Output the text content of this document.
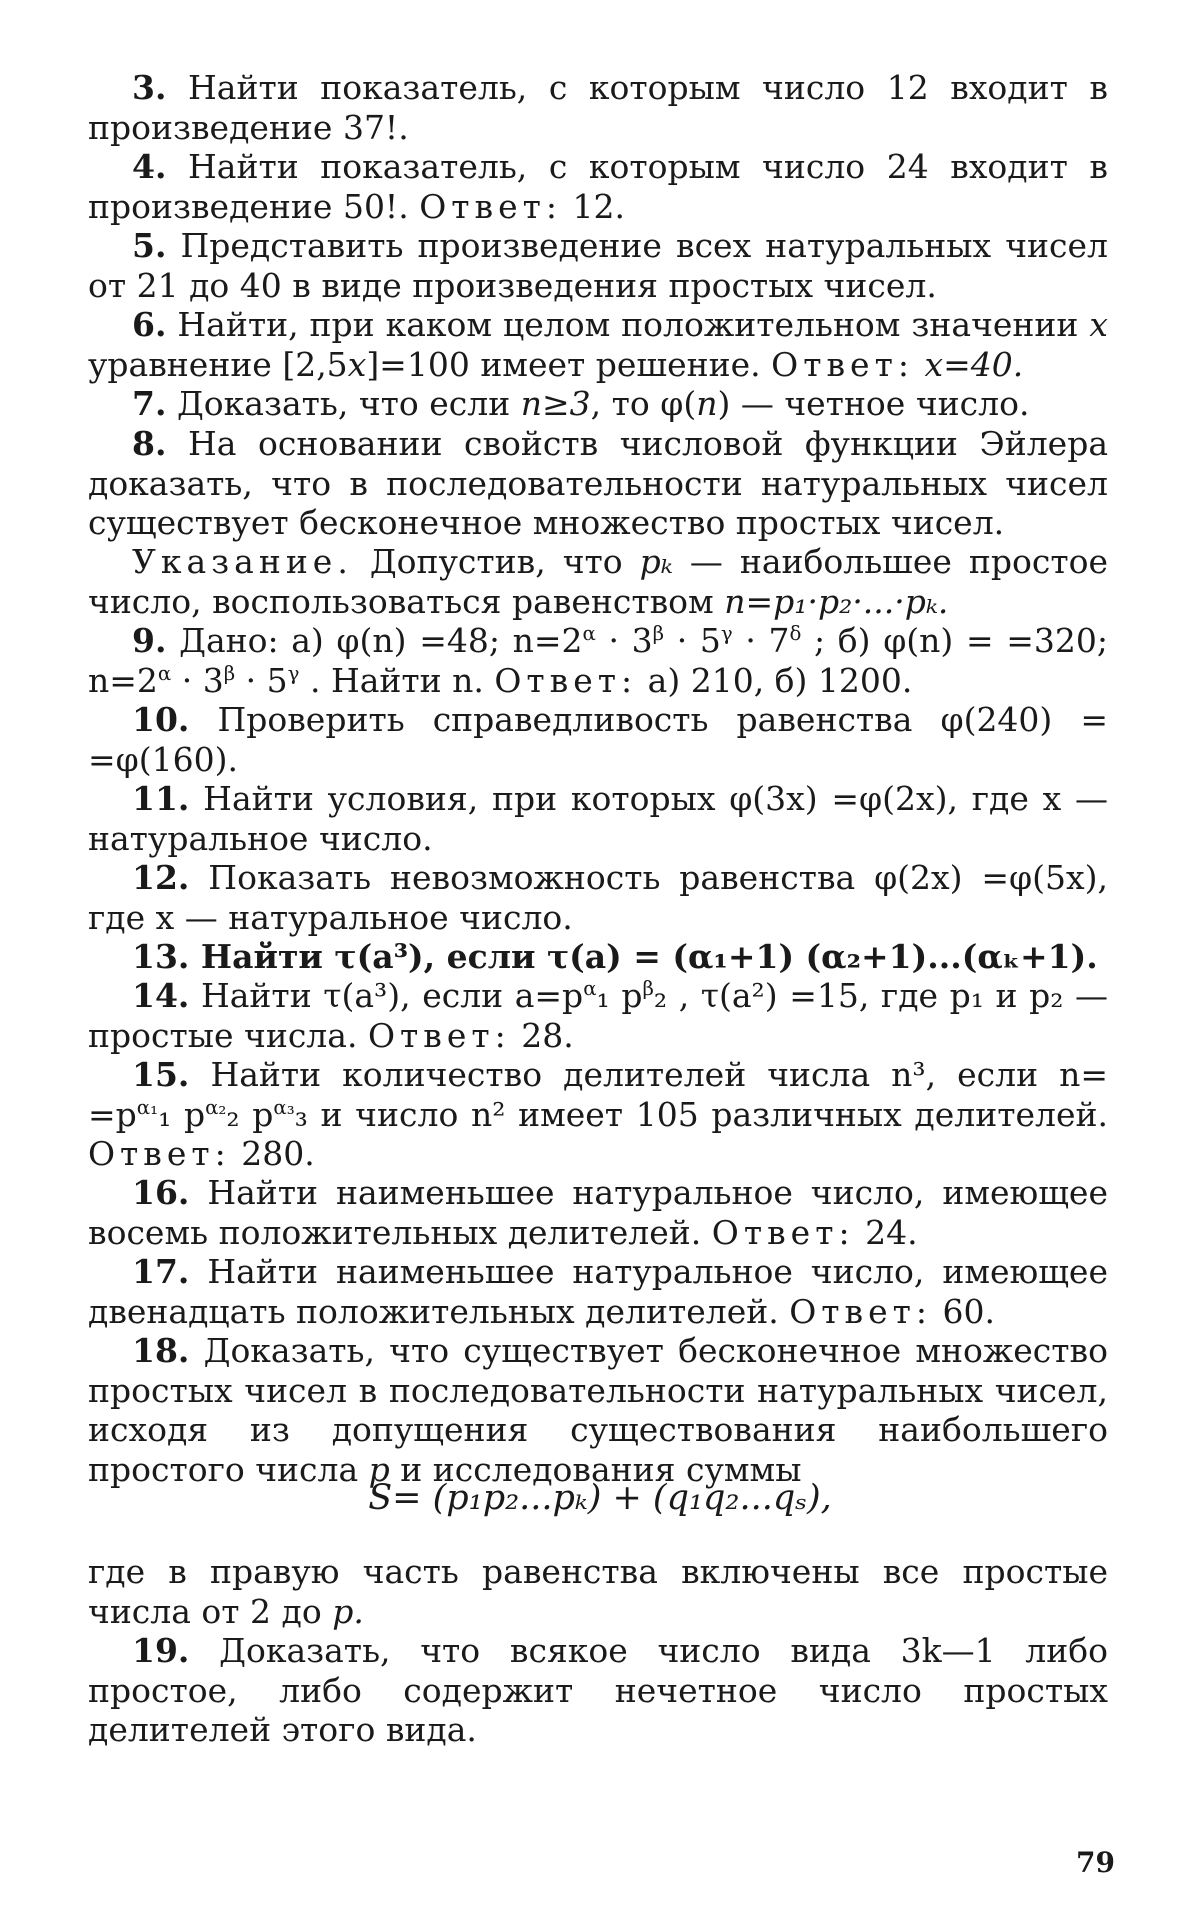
3. Найти показатель, с которым число 12 входит в произведение 37!.

4. Найти показатель, с которым число 24 входит в произведение 50!. Ответ: 12.

5. Представить произведение всех натуральных чисел от 21 до 40 в виде произведения простых чисел.

6. Найти, при каком целом положительном значении x уравнение [2,5x]=100 имеет решение. Ответ: x=40.

7. Доказать, что если n≥3, то φ(n) — четное число.

8. На основании свойств числовой функции Эйлера доказать, что в последовательности натуральных чисел существует бесконечное множество простых чисел.

Указание. Допустив, что pₖ — наибольшее простое число, воспользоваться равенством n=p₁·p₂·...·pₖ.

9. Дано: а) φ(n) =48; $n=2^\alpha \cdot 3^\beta \cdot 5^\gamma \cdot 7^\delta$ ; б) φ(n) = =320; $n=2^\alpha \cdot 3^\beta \cdot 5^\gamma$ . Найти n. Ответ: а) 210, б) 1200.

10. Проверить справедливость равенства φ(240) = =φ(160).

11. Найти условия, при которых φ(3x) =φ(2x), где x — натуральное число.

12. Показать невозможность равенства φ(2x) =φ(5x), где x — натуральное число.

13. Найти τ(a³), если τ(a) = (α₁+1) (α₂+1)...(αₖ+1).

14. Найти τ(a³), если $a=p^\alpha_1$ $p^\beta_2$ , τ(a²) =15, где p₁ и p₂ — простые числа. Ответ: 28.

15. Найти количество делителей числа n³, если $n= =p^{\alpha_1}_1$ $p^{\alpha_2}_2$ $p^{\alpha_3}_3$ и число n² имеет 105 различных делителей. Ответ: 280.

16. Найти наименьшее натуральное число, имеющее восемь положительных делителей. Ответ: 24.

17. Найти наименьшее натуральное число, имеющее двенадцать положительных делителей. Ответ: 60.

18. Доказать, что существует бесконечное множество простых чисел в последовательности натуральных чисел, исходя из допущения существования наибольшего простого числа p и исследования суммы

S= (p₁p₂...pₖ) + (q₁q₂...qₛ),

где в правую часть равенства включены все простые числа от 2 до p.

19. Доказать, что всякое число вида 3k—1 либо простое, либо содержит нечетное число простых делителей этого вида.

79
